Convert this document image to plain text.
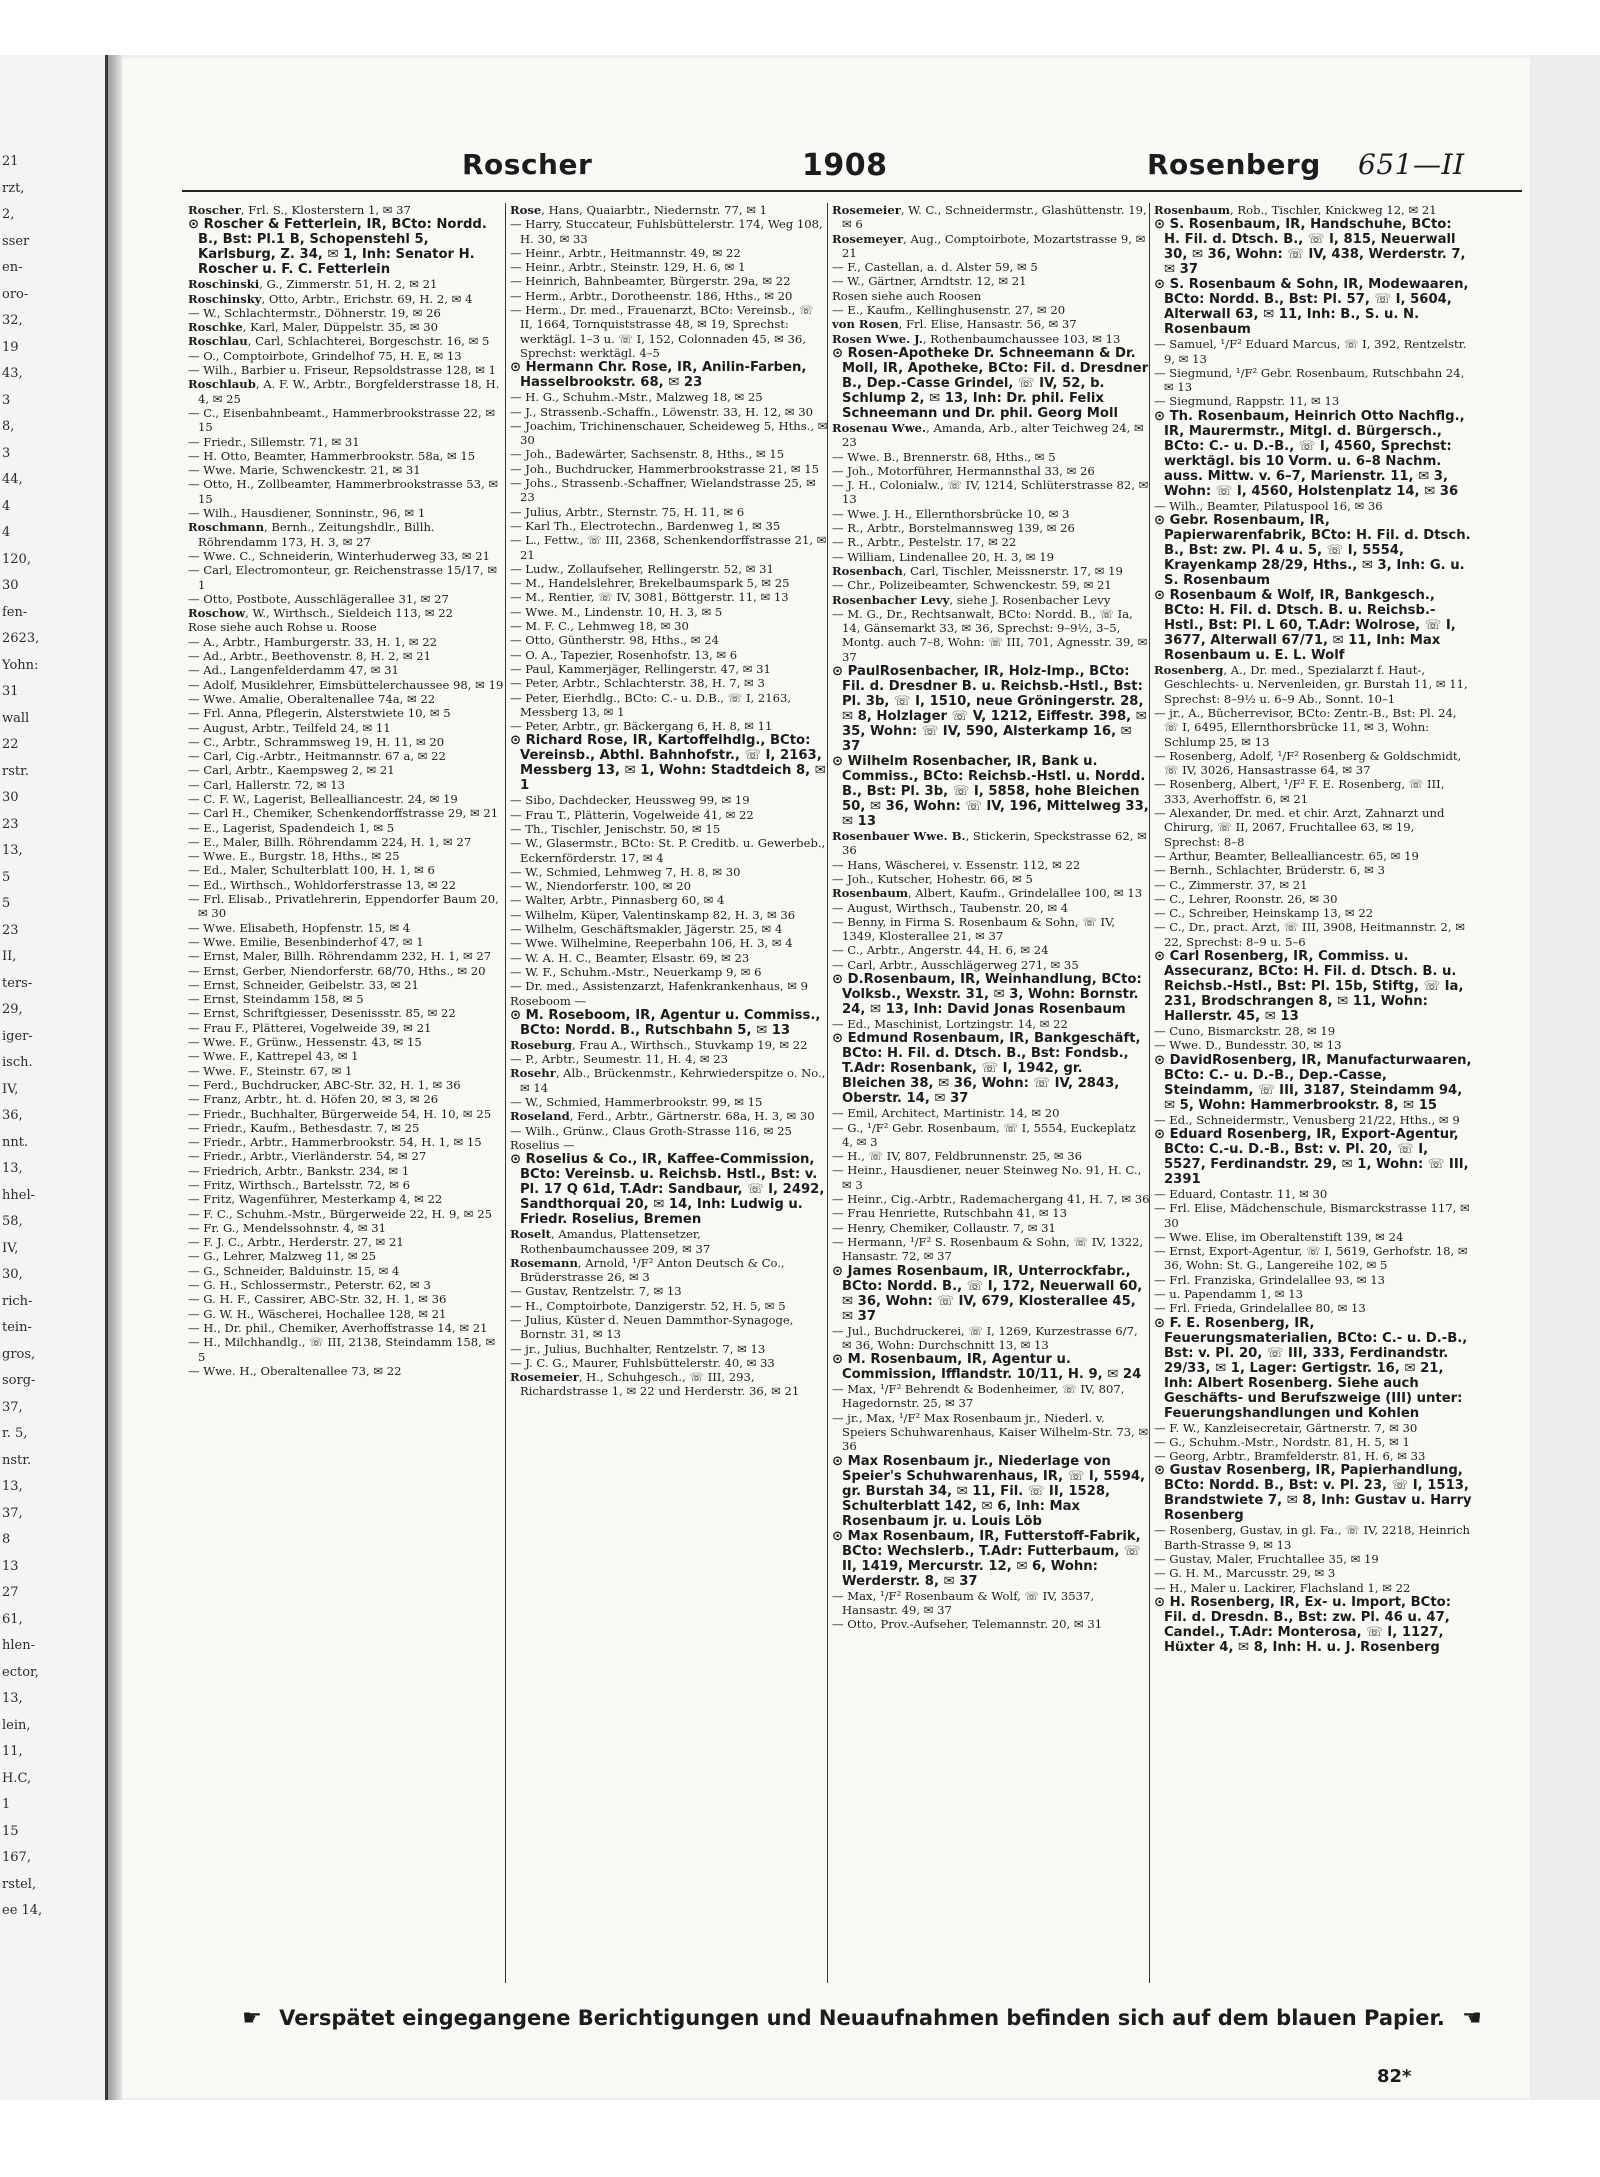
21
rzt,
2,
sser
en-
oro-
32,
19
43,
3
8,
3
44,
4
4
120,
30
fen-
2623,
Yohn:
31
wall
22
rstr.
30
23
13,
5
5
23
II,
ters-
29,
iger-
isch.
IV,
36,
nnt.
13,
hhel-
58,
IV,
30,
rich-
tein-
gros,
sorg-
37,
r. 5,
nstr.
13,
37,
8
13
27
61,
hlen-
ector,
13,
lein,
11,
H.C,
1
15
167,
rstel,
ee 14,
Roscher	1908	Rosenberg 651—II

Roscher, Frl. S., Klosterstern 1, ✉ 37

⊙ Roscher & Fetterlein, IR, BCto: Nordd. B., Bst: Pl.1 B, Schopenstehl 5, Karlsburg, Z. 34, ✉ 1, Inh: Senator H. Roscher u. F. C. Fetterlein

Roschinski, G., Zimmerstr. 51, H. 2, ✉ 21

Roschinsky, Otto, Arbtr., Erichstr. 69, H. 2, ✉ 4

— W., Schlachtermstr., Döhnerstr. 19, ✉ 26

Roschke, Karl, Maler, Düppelstr. 35, ✉ 30

Roschlau, Carl, Schlachterei, Borgeschstr. 16, ✉ 5

— O., Comptoirbote, Grindelhof 75, H. E, ✉ 13

— Wilh., Barbier u. Friseur, Repsoldstrasse 128, ✉ 1

Roschlaub, A. F. W., Arbtr., Borgfelderstrasse 18, H. 4, ✉ 25

— C., Eisenbahnbeamt., Hammerbrookstrasse 22, ✉ 15

— Friedr., Sillemstr. 71, ✉ 31

— H. Otto, Beamter, Hammerbrookstr. 58a, ✉ 15

— Wwe. Marie, Schwenckestr. 21, ✉ 31

— Otto, H., Zollbeamter, Hammerbrookstrasse 53, ✉ 15

— Wilh., Hausdiener, Sonninstr., 96, ✉ 1

Roschmann, Bernh., Zeitungshdlr., Billh. Röhrendamm 173, H. 3, ✉ 27

— Wwe. C., Schneiderin, Winterhuderweg 33, ✉ 21

— Carl, Electromonteur, gr. Reichenstrasse 15/17, ✉ 1

— Otto, Postbote, Ausschlägerallee 31, ✉ 27

Roschow, W., Wirthsch., Sieldeich 113, ✉ 22

Rose siehe auch Rohse u. Roose

— A., Arbtr., Hamburgerstr. 33, H. 1, ✉ 22

— Ad., Arbtr., Beethovenstr. 8, H. 2, ✉ 21

— Ad., Langenfelderdamm 47, ✉ 31

— Adolf, Musiklehrer, Eimsbüttelerchaussee 98, ✉ 19

— Wwe. Amalie, Oberaltenallee 74a, ✉ 22

— Frl. Anna, Pflegerin, Alsterstwiete 10, ✉ 5

— August, Arbtr., Teilfeld 24, ✉ 11

— C., Arbtr., Schrammsweg 19, H. 11, ✉ 20

— Carl, Cig.-Arbtr., Heitmannstr. 67 a, ✉ 22

— Carl, Arbtr., Kaempsweg 2, ✉ 21

— Carl, Hallerstr. 72, ✉ 13

— C. F. W., Lagerist, Bellealliancestr. 24, ✉ 19

— Carl H., Chemiker, Schenkendorffstrasse 29, ✉ 21

— E., Lagerist, Spadendeich 1, ✉ 5

— E., Maler, Billh. Röhrendamm 224, H. 1, ✉ 27

— Wwe. E., Burgstr. 18, Hths., ✉ 25

— Ed., Maler, Schulterblatt 100, H. 1, ✉ 6

— Ed., Wirthsch., Wohldorferstrasse 13, ✉ 22

— Frl. Elisab., Privatlehrerin, Eppendorfer Baum 20, ✉ 30

— Wwe. Elisabeth, Hopfenstr. 15, ✉ 4

— Wwe. Emilie, Besenbinderhof 47, ✉ 1

— Ernst, Maler, Billh. Röhrendamm 232, H. 1, ✉ 27

— Ernst, Gerber, Niendorferstr. 68/70, Hths., ✉ 20

— Ernst, Schneider, Geibelstr. 33, ✉ 21

— Ernst, Steindamm 158, ✉ 5

— Ernst, Schriftgiesser, Desenissstr. 85, ✉ 22

— Frau F., Plätterei, Vogelweide 39, ✉ 21

— Wwe. F., Grünw., Hessenstr. 43, ✉ 15

— Wwe. F., Kattrepel 43, ✉ 1

— Wwe. F., Steinstr. 67, ✉ 1

— Ferd., Buchdrucker, ABC-Str. 32, H. 1, ✉ 36

— Franz, Arbtr., ht. d. Höfen 20, ✉ 3, ✉ 26

— Friedr., Buchhalter, Bürgerweide 54, H. 10, ✉ 25

— Friedr., Kaufm., Bethesdastr. 7, ✉ 25

— Friedr., Arbtr., Hammerbrookstr. 54, H. 1, ✉ 15

— Friedr., Arbtr., Vierländerstr. 54, ✉ 27

— Friedrich, Arbtr., Bankstr. 234, ✉ 1

— Fritz, Wirthsch., Bartelsstr. 72, ✉ 6

— Fritz, Wagenführer, Mesterkamp 4, ✉ 22

— F. C., Schuhm.-Mstr., Bürgerweide 22, H. 9, ✉ 25

— Fr. G., Mendelssohnstr. 4, ✉ 31

— F. J. C., Arbtr., Herderstr. 27, ✉ 21

— G., Lehrer, Malzweg 11, ✉ 25

— G., Schneider, Balduinstr. 15, ✉ 4

— G. H., Schlossermstr., Peterstr. 62, ✉ 3

— G. H. F., Cassirer, ABC-Str. 32, H. 1, ✉ 36

— G. W. H., Wäscherei, Hochallee 128, ✉ 21

— H., Dr. phil., Chemiker, Averhoffstrasse 14, ✉ 21

— H., Milchhandlg., ☏ III, 2138, Steindamm 158, ✉ 5

— Wwe. H., Oberaltenallee 73, ✉ 22

Rose, Hans, Quaiarbtr., Niedernstr. 77, ✉ 1

— Harry, Stuccateur, Fuhlsbüttelerstr. 174, Weg 108, H. 30, ✉ 33

— Heinr., Arbtr., Heitmannstr. 49, ✉ 22

— Heinr., Arbtr., Steinstr. 129, H. 6, ✉ 1

— Heinrich, Bahnbeamter, Bürgerstr. 29a, ✉ 22

— Herm., Arbtr., Dorotheenstr. 186, Hths., ✉ 20

— Herm., Dr. med., Frauenarzt, BCto: Vereinsb., ☏ II, 1664, Tornquiststrasse 48, ✉ 19, Sprechst: werktägl. 1–3 u. ☏ I, 152, Colonnaden 45, ✉ 36, Sprechst: werktägl. 4–5

⊙ Hermann Chr. Rose, IR, Anilin-Farben, Hasselbrookstr. 68, ✉ 23

— H. G., Schuhm.-Mstr., Malzweg 18, ✉ 25

— J., Strassenb.-Schaffn., Löwenstr. 33, H. 12, ✉ 30

— Joachim, Trichinenschauer, Scheideweg 5, Hths., ✉ 30

— Joh., Badewärter, Sachsenstr. 8, Hths., ✉ 15

— Joh., Buchdrucker, Hammerbrookstrasse 21, ✉ 15

— Johs., Strassenb.-Schaffner, Wielandstrasse 25, ✉ 23

— Julius, Arbtr., Sternstr. 75, H. 11, ✉ 6

— Karl Th., Electrotechn., Bardenweg 1, ✉ 35

— L., Fettw., ☏ III, 2368, Schenkendorffstrasse 21, ✉ 21

— Ludw., Zollaufseher, Rellingerstr. 52, ✉ 31

— M., Handelslehrer, Brekelbaumspark 5, ✉ 25

— M., Rentier, ☏ IV, 3081, Böttgerstr. 11, ✉ 13

— Wwe. M., Lindenstr. 10, H. 3, ✉ 5

— M. F. C., Lehmweg 18, ✉ 30

— Otto, Güntherstr. 98, Hths., ✉ 24

— O. A., Tapezier, Rosenhofstr. 13, ✉ 6

— Paul, Kammerjäger, Rellingerstr. 47, ✉ 31

— Peter, Arbtr., Schlachterstr. 38, H. 7, ✉ 3

— Peter, Eierhdlg., BCto: C.- u. D.B., ☏ I, 2163, Messberg 13, ✉ 1

— Peter, Arbtr., gr. Bäckergang 6, H. 8, ✉ 11

⊙ Richard Rose, IR, Kartoffelhdlg., BCto: Vereinsb., Abthl. Bahnhofstr., ☏ I, 2163, Messberg 13, ✉ 1, Wohn: Stadtdeich 8, ✉ 1

— Sibo, Dachdecker, Heussweg 99, ✉ 19

— Frau T., Plätterin, Vogelweide 41, ✉ 22

— Th., Tischler, Jenischstr. 50, ✉ 15

— W., Glasermstr., BCto: St. P. Creditb. u. Gewerbeb., Eckernförderstr. 17, ✉ 4

— W., Schmied, Lehmweg 7, H. 8, ✉ 30

— W., Niendorferstr. 100, ✉ 20

— Walter, Arbtr., Pinnasberg 60, ✉ 4

— Wilhelm, Küper, Valentinskamp 82, H. 3, ✉ 36

— Wilhelm, Geschäftsmakler, Jägerstr. 25, ✉ 4

— Wwe. Wilhelmine, Reeperbahn 106, H. 3, ✉ 4

— W. A. H. C., Beamter, Elsastr. 69, ✉ 23

— W. F., Schuhm.-Mstr., Neuerkamp 9, ✉ 6

— Dr. med., Assistenzarzt, Hafenkrankenhaus, ✉ 9

Roseboom —

⊙ M. Roseboom, IR, Agentur u. Commiss., BCto: Nordd. B., Rutschbahn 5, ✉ 13

Roseburg, Frau A., Wirthsch., Stuvkamp 19, ✉ 22

— P., Arbtr., Seumestr. 11, H. 4, ✉ 23

Rosehr, Alb., Brückenmstr., Kehrwiederspitze o. No., ✉ 14

— W., Schmied, Hammerbrookstr. 99, ✉ 15

Roseland, Ferd., Arbtr., Gärtnerstr. 68a, H. 3, ✉ 30

— Wilh., Grünw., Claus Groth-Strasse 116, ✉ 25

Roselius —

⊙ Roselius & Co., IR, Kaffee-Commission, BCto: Vereinsb. u. Reichsb. Hstl., Bst: v. Pl. 17 Q 61d, T.Adr: Sandbaur, ☏ I, 2492, Sandthorquai 20, ✉ 14, Inh: Ludwig u. Friedr. Roselius, Bremen

Roselt, Amandus, Plattensetzer, Rothenbaumchaussee 209, ✉ 37

Rosemann, Arnold, ¹/F² Anton Deutsch & Co., Brüderstrasse 26, ✉ 3

— Gustav, Rentzelstr. 7, ✉ 13

— H., Comptoirbote, Danzigerstr. 52, H. 5, ✉ 5

— Julius, Küster d. Neuen Dammthor-Synagoge, Bornstr. 31, ✉ 13

— jr., Julius, Buchhalter, Rentzelstr. 7, ✉ 13

— J. C. G., Maurer, Fuhlsbüttelerstr. 40, ✉ 33

Rosemeier, H., Schuhgesch., ☏ III, 293, Richardstrasse 1, ✉ 22 und Herderstr. 36, ✉ 21

Rosemeier, W. C., Schneidermstr., Glashüttenstr. 19, ✉ 6

Rosemeyer, Aug., Comptoirbote, Mozartstrasse 9, ✉ 21

— F., Castellan, a. d. Alster 59, ✉ 5

— W., Gärtner, Arndtstr. 12, ✉ 21

Rosen siehe auch Roosen

— E., Kaufm., Kellinghusenstr. 27, ✉ 20

von Rosen, Frl. Elise, Hansastr. 56, ✉ 37

Rosen Wwe. J., Rothenbaumchaussee 103, ✉ 13

⊙ Rosen-Apotheke Dr. Schneemann & Dr. Moll, IR, Apotheke, BCto: Fil. d. Dresdner B., Dep.-Casse Grindel, ☏ IV, 52, b. Schlump 2, ✉ 13, Inh: Dr. phil. Felix Schneemann und Dr. phil. Georg Moll

Rosenau Wwe., Amanda, Arb., alter Teichweg 24, ✉ 23

— Wwe. B., Brennerstr. 68, Hths., ✉ 5

— Joh., Motorführer, Hermannsthal 33, ✉ 26

— J. H., Colonialw., ☏ IV, 1214, Schlüterstrasse 82, ✉ 13

— Wwe. J. H., Ellernthorsbrücke 10, ✉ 3

— R., Arbtr., Borstelmannsweg 139, ✉ 26

— R., Arbtr., Pestelstr. 17, ✉ 22

— William, Lindenallee 20, H. 3, ✉ 19

Rosenbach, Carl, Tischler, Meissnerstr. 17, ✉ 19

— Chr., Polizeibeamter, Schwenckestr. 59, ✉ 21

Rosenbacher Levy, siehe J. Rosenbacher Levy

— M. G., Dr., Rechtsanwalt, BCto: Nordd. B., ☏ Ia, 14, Gänsemarkt 33, ✉ 36, Sprechst: 9–9½, 3–5, Montg. auch 7–8, Wohn: ☏ III, 701, Agnesstr. 39, ✉ 37

⊙ PaulRosenbacher, IR, Holz-Imp., BCto: Fil. d. Dresdner B. u. Reichsb.-Hstl., Bst: Pl. 3b, ☏ I, 1510, neue Gröningerstr. 28, ✉ 8, Holzlager ☏ V, 1212, Eiffestr. 398, ✉ 35, Wohn: ☏ IV, 590, Alsterkamp 16, ✉ 37

⊙ Wilhelm Rosenbacher, IR, Bank u. Commiss., BCto: Reichsb.-Hstl. u. Nordd. B., Bst: Pl. 3b, ☏ I, 5858, hohe Bleichen 50, ✉ 36, Wohn: ☏ IV, 196, Mittelweg 33, ✉ 13

Rosenbauer Wwe. B., Stickerin, Speckstrasse 62, ✉ 36

— Hans, Wäscherei, v. Essenstr. 112, ✉ 22

— Joh., Kutscher, Hohestr. 66, ✉ 5

Rosenbaum, Albert, Kaufm., Grindelallee 100, ✉ 13

— August, Wirthsch., Taubenstr. 20, ✉ 4

— Benny, in Firma S. Rosenbaum & Sohn, ☏ IV, 1349, Klosterallee 21, ✉ 37

— C., Arbtr., Angerstr. 44, H. 6, ✉ 24

— Carl, Arbtr., Ausschlägerweg 271, ✉ 35

⊙ D.Rosenbaum, IR, Weinhandlung, BCto: Volksb., Wexstr. 31, ✉ 3, Wohn: Bornstr. 24, ✉ 13, Inh: David Jonas Rosenbaum

— Ed., Maschinist, Lortzingstr. 14, ✉ 22

⊙ Edmund Rosenbaum, IR, Bankgeschäft, BCto: H. Fil. d. Dtsch. B., Bst: Fondsb., T.Adr: Rosenbank, ☏ I, 1942, gr. Bleichen 38, ✉ 36, Wohn: ☏ IV, 2843, Oberstr. 14, ✉ 37

— Emil, Architect, Martinistr. 14, ✉ 20

— G., ¹/F² Gebr. Rosenbaum, ☏ I, 5554, Euckeplatz 4, ✉ 3

— H., ☏ IV, 807, Feldbrunnenstr. 25, ✉ 36

— Heinr., Hausdiener, neuer Steinweg No. 91, H. C., ✉ 3

— Heinr., Cig.-Arbtr., Rademachergang 41, H. 7, ✉ 36

— Frau Henriette, Rutschbahn 41, ✉ 13

— Henry, Chemiker, Collaustr. 7, ✉ 31

— Hermann, ¹/F² S. Rosenbaum & Sohn, ☏ IV, 1322, Hansastr. 72, ✉ 37

⊙ James Rosenbaum, IR, Unterrockfabr., BCto: Nordd. B., ☏ I, 172, Neuerwall 60, ✉ 36, Wohn: ☏ IV, 679, Klosterallee 45, ✉ 37

— Jul., Buchdruckerei, ☏ I, 1269, Kurzestrasse 6/7, ✉ 36, Wohn: Durchschnitt 13, ✉ 13

⊙ M. Rosenbaum, IR, Agentur u. Commission, Ifflandstr. 10/11, H. 9, ✉ 24

— Max, ¹/F² Behrendt & Bodenheimer, ☏ IV, 807, Hagedornstr. 25, ✉ 37

— jr., Max, ¹/F² Max Rosenbaum jr., Niederl. v. Speiers Schuhwarenhaus, Kaiser Wilhelm-Str. 73, ✉ 36

⊙ Max Rosenbaum jr., Niederlage von Speier's Schuhwarenhaus, IR, ☏ I, 5594, gr. Burstah 34, ✉ 11, Fil. ☏ II, 1528, Schulterblatt 142, ✉ 6, Inh: Max Rosenbaum jr. u. Louis Löb

⊙ Max Rosenbaum, IR, Futterstoff-Fabrik, BCto: Wechslerb., T.Adr: Futterbaum, ☏ II, 1419, Mercurstr. 12, ✉ 6, Wohn: Werderstr. 8, ✉ 37

— Max, ¹/F² Rosenbaum & Wolf, ☏ IV, 3537, Hansastr. 49, ✉ 37

— Otto, Prov.-Aufseher, Telemannstr. 20, ✉ 31

Rosenbaum, Rob., Tischler, Knickweg 12, ✉ 21

⊙ S. Rosenbaum, IR, Handschuhe, BCto: H. Fil. d. Dtsch. B., ☏ I, 815, Neuerwall 30, ✉ 36, Wohn: ☏ IV, 438, Werderstr. 7, ✉ 37

⊙ S. Rosenbaum & Sohn, IR, Modewaaren, BCto: Nordd. B., Bst: Pl. 57, ☏ I, 5604, Alterwall 63, ✉ 11, Inh: B., S. u. N. Rosenbaum

— Samuel, ¹/F² Eduard Marcus, ☏ I, 392, Rentzelstr. 9, ✉ 13

— Siegmund, ¹/F² Gebr. Rosenbaum, Rutschbahn 24, ✉ 13

— Siegmund, Rappstr. 11, ✉ 13

⊙ Th. Rosenbaum, Heinrich Otto Nachflg., IR, Maurermstr., Mitgl. d. Bürgersch., BCto: C.- u. D.-B., ☏ I, 4560, Sprechst: werktägl. bis 10 Vorm. u. 6–8 Nachm. auss. Mittw. v. 6–7, Marienstr. 11, ✉ 3, Wohn: ☏ I, 4560, Holstenplatz 14, ✉ 36

— Wilh., Beamter, Pilatuspool 16, ✉ 36

⊙ Gebr. Rosenbaum, IR, Papierwarenfabrik, BCto: H. Fil. d. Dtsch. B., Bst: zw. Pl. 4 u. 5, ☏ I, 5554, Krayenkamp 28/29, Hths., ✉ 3, Inh: G. u. S. Rosenbaum

⊙ Rosenbaum & Wolf, IR, Bankgesch., BCto: H. Fil. d. Dtsch. B. u. Reichsb.-Hstl., Bst: Pl. L 60, T.Adr: Wolrose, ☏ I, 3677, Alterwall 67/71, ✉ 11, Inh: Max Rosenbaum u. E. L. Wolf

Rosenberg, A., Dr. med., Spezialarzt f. Haut-, Geschlechts- u. Nervenleiden, gr. Burstah 11, ✉ 11, Sprechst: 8–9½ u. 6–9 Ab., Sonnt. 10–1

— jr., A., Bücherrevisor, BCto: Zentr.-B., Bst: Pl. 24, ☏ I, 6495, Ellernthorsbrücke 11, ✉ 3, Wohn: Schlump 25, ✉ 13

— Rosenberg, Adolf, ¹/F² Rosenberg & Goldschmidt, ☏ IV, 3026, Hansastrasse 64, ✉ 37

— Rosenberg, Albert, ¹/F² F. E. Rosenberg, ☏ III, 333, Averhoffstr. 6, ✉ 21

— Alexander, Dr. med. et chir. Arzt, Zahnarzt und Chirurg, ☏ II, 2067, Fruchtallee 63, ✉ 19, Sprechst: 8–8

— Arthur, Beamter, Bellealliancestr. 65, ✉ 19

— Bernh., Schlachter, Brüderstr. 6, ✉ 3

— C., Zimmerstr. 37, ✉ 21

— C., Lehrer, Roonstr. 26, ✉ 30

— C., Schreiber, Heinskamp 13, ✉ 22

— C., Dr., pract. Arzt, ☏ III, 3908, Heitmannstr. 2, ✉ 22, Sprechst: 8–9 u. 5–6

⊙ Carl Rosenberg, IR, Commiss. u. Assecuranz, BCto: H. Fil. d. Dtsch. B. u. Reichsb.-Hstl., Bst: Pl. 15b, Stiftg, ☏ Ia, 231, Brodschrangen 8, ✉ 11, Wohn: Hallerstr. 45, ✉ 13

— Cuno, Bismarckstr. 28, ✉ 19

— Wwe. D., Bundesstr. 30, ✉ 13

⊙ DavidRosenberg, IR, Manufacturwaaren, BCto: C.- u. D.-B., Dep.-Casse, Steindamm, ☏ III, 3187, Steindamm 94, ✉ 5, Wohn: Hammerbrookstr. 8, ✉ 15

— Ed., Schneidermstr., Venusberg 21/22, Hths., ✉ 9

⊙ Eduard Rosenberg, IR, Export-Agentur, BCto: C.-u. D.-B., Bst: v. Pl. 20, ☏ I, 5527, Ferdinandstr. 29, ✉ 1, Wohn: ☏ III, 2391

— Eduard, Contastr. 11, ✉ 30

— Frl. Elise, Mädchenschule, Bismarckstrasse 117, ✉ 30

— Wwe. Elise, im Oberaltenstift 139, ✉ 24

— Ernst, Export-Agentur, ☏ I, 5619, Gerhofstr. 18, ✉ 36, Wohn: St. G., Langereihe 102, ✉ 5

— Frl. Franziska, Grindelallee 93, ✉ 13

— u. Papendamm 1, ✉ 13

— Frl. Frieda, Grindelallee 80, ✉ 13

⊙ F. E. Rosenberg, IR, Feuerungsmaterialien, BCto: C.- u. D.-B., Bst: v. Pl. 20, ☏ III, 333, Ferdinandstr. 29/33, ✉ 1, Lager: Gertigstr. 16, ✉ 21, Inh: Albert Rosenberg. Siehe auch Geschäfts- und Berufszweige (III) unter: Feuerungshandlungen und Kohlen

— F. W., Kanzleisecretair, Gärtnerstr. 7, ✉ 30

— G., Schuhm.-Mstr., Nordstr. 81, H. 5, ✉ 1

— Georg, Arbtr., Bramfelderstr. 81, H. 6, ✉ 33

⊙ Gustav Rosenberg, IR, Papierhandlung, BCto: Nordd. B., Bst: v. Pl. 23, ☏ I, 1513, Brandstwiete 7, ✉ 8, Inh: Gustav u. Harry Rosenberg

— Rosenberg, Gustav, in gl. Fa., ☏ IV, 2218, Heinrich Barth-Strasse 9, ✉ 13

— Gustav, Maler, Fruchtallee 35, ✉ 19

— G. H. M., Marcusstr. 29, ✉ 3

— H., Maler u. Lackirer, Flachsland 1, ✉ 22

⊙ H. Rosenberg, IR, Ex- u. Import, BCto: Fil. d. Dresdn. B., Bst: zw. Pl. 46 u. 47, Candel., T.Adr: Monterosa, ☏ I, 1127, Hüxter 4, ✉ 8, Inh: H. u. J. Rosenberg

☛ Verspätet eingegangene Berichtigungen und Neuaufnahmen befinden sich auf dem blauen Papier. ☚
82*
